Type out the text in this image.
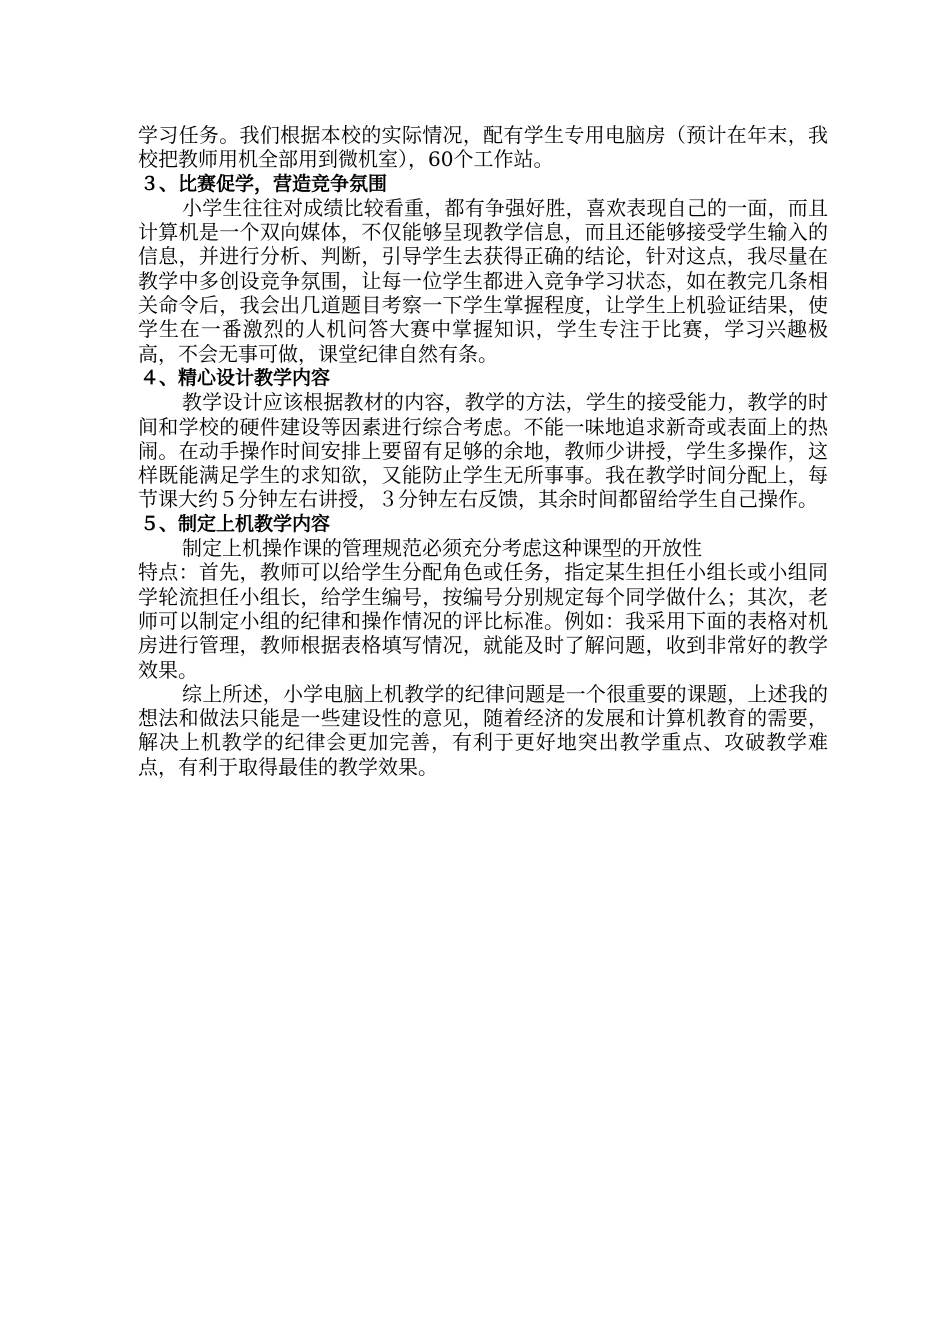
学习任务。我们根据本校的实际情况，配有学生专用电脑房（预计在年末，我校把教师用机全部用到微机室），60个工作站。

３、比赛促学，营造竞争氛围

小学生往往对成绩比较看重，都有争强好胜，喜欢表现自己的一面，而且计算机是一个双向媒体，不仅能够呈现教学信息，而且还能够接受学生输入的信息，并进行分析、判断，引导学生去获得正确的结论，针对这点，我尽量在教学中多创设竞争氛围，让每一位学生都进入竞争学习状态，如在教完几条相关命令后，我会出几道题目考察一下学生掌握程度，让学生上机验证结果，使学生在一番激烈的人机问答大赛中掌握知识，学生专注于比赛，学习兴趣极高，不会无事可做，课堂纪律自然有条。

４、精心设计教学内容

教学设计应该根据教材的内容，教学的方法，学生的接受能力，教学的时间和学校的硬件建设等因素进行综合考虑。不能一味地追求新奇或表面上的热闹。在动手操作时间安排上要留有足够的余地，教师少讲授，学生多操作，这样既能满足学生的求知欲，又能防止学生无所事事。我在教学时间分配上，每节课大约５分钟左右讲授，３分钟左右反馈，其余时间都留给学生自己操作。

５、制定上机教学内容

制定上机操作课的管理规范必须充分考虑这种课型的开放性

特点：首先，教师可以给学生分配角色或任务，指定某生担任小组长或小组同学轮流担任小组长，给学生编号，按编号分别规定每个同学做什么；其次，老师可以制定小组的纪律和操作情况的评比标准。例如：我采用下面的表格对机房进行管理，教师根据表格填写情况，就能及时了解问题，收到非常好的教学效果。

综上所述，小学电脑上机教学的纪律问题是一个很重要的课题，上述我的想法和做法只能是一些建设性的意见，随着经济的发展和计算机教育的需要，解决上机教学的纪律会更加完善，有利于更好地突出教学重点、攻破教学难点，有利于取得最佳的教学效果。
